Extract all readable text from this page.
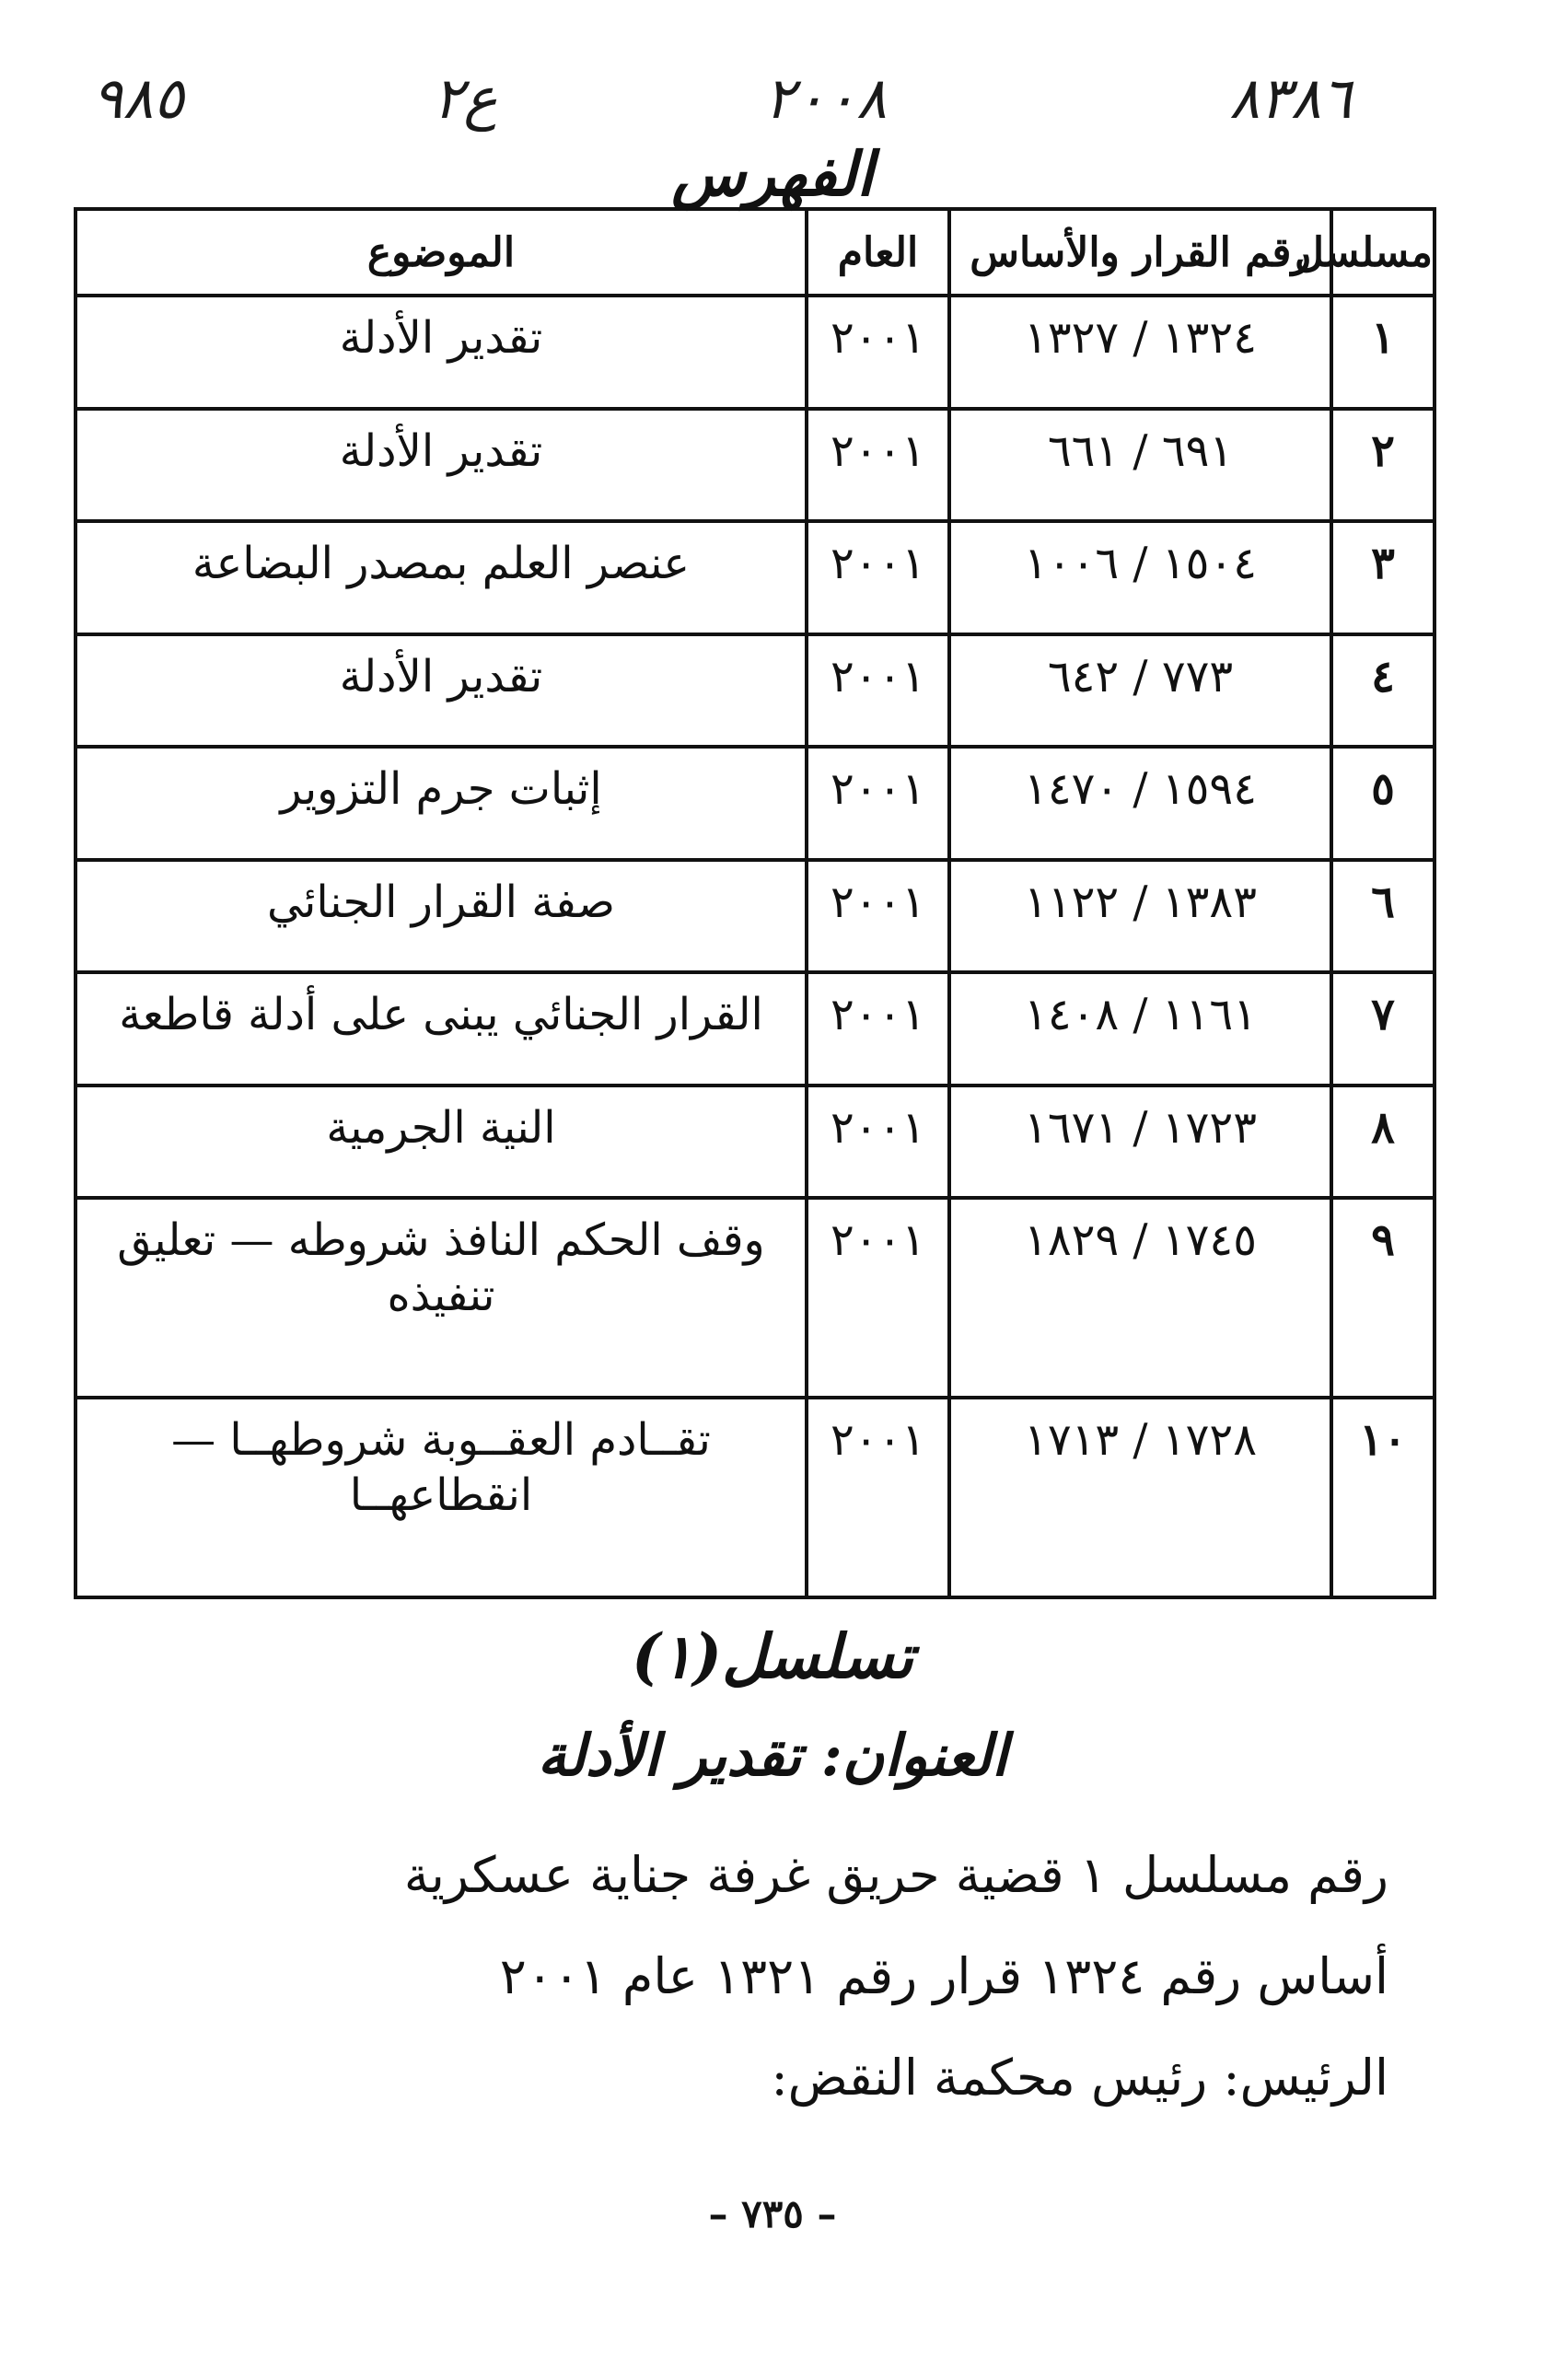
٩٨٥	ع٢	٢٠٠٨	٨٣٨٦
الفهرس
مسلسل	رقم القرار والأساس	العام	الموضوع
١	١٣٢٤ / ١٣٢٧	٢٠٠١	تقدير الأدلة
٢	٦٩١ / ٦٦١	٢٠٠١	تقدير الأدلة
٣	١٥٠٤ / ١٠٠٦	٢٠٠١	عنصر العلم بمصدر البضاعة
٤	٧٧٣ / ٦٤٢	٢٠٠١	تقدير الأدلة
٥	١٥٩٤ / ١٤٧٠	٢٠٠١	إثبات جرم التزوير
٦	١٣٨٣ / ١١٢٢	٢٠٠١	صفة القرار الجنائي
٧	١١٦١ / ١٤٠٨	٢٠٠١	القرار الجنائي يبنى على أدلة قاطعة
٨	١٧٢٣ / ١٦٧١	٢٠٠١	النية الجرمية
٩	١٧٤٥ / ١٨٢٩	٢٠٠١	وقف الحكم النافذ شروطه — تعليق تنفيذه
١٠	١٧٢٨ / ١٧١٣	٢٠٠١	تقــادم العقــوبة شروطهــا — انقطاعهــا
تسلسل(١)
العنوان: تقدير الأدلة

رقم مسلسل ١ قضية حريق غرفة جناية عسكرية

أساس رقم ١٣٢٤ قرار رقم ١٣٢١ عام ٢٠٠١

الرئيس: رئيس محكمة النقض:

– ٧٣٥ –
